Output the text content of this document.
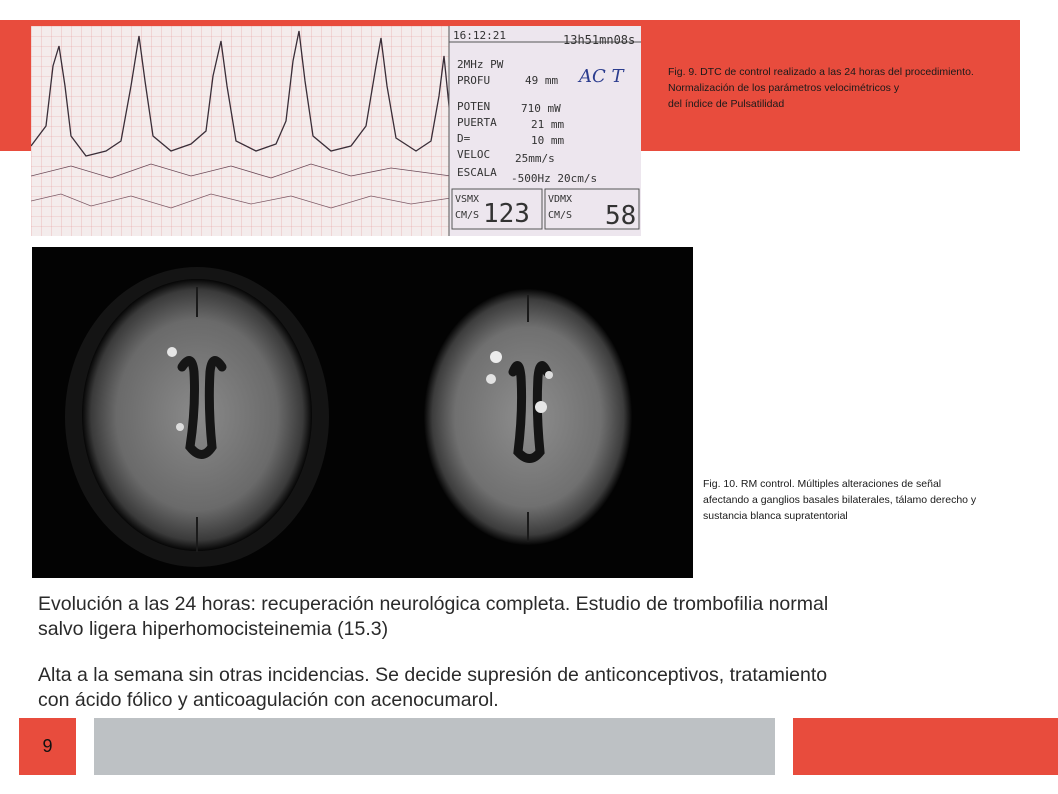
16:12:21	13h51mn08s
2MHz PW
PROFU	49 mm AC T
POTEN	710 mW
PUERTA	21 mm
D=	10 mm
VELOC 25mm/s
ESCALA -500Hz 20cm/s
VSMX
CM/S 123 VDMX
CM/S 58
Fig. 9. DTC de control realizado a las 24 horas del procedimiento.
Normalización de los parámetros velocimétricos y
del índice de Pulsatilidad
Fig. 10. RM control. Múltiples alteraciones de señal
afectando a ganglios basales bilaterales, tálamo derecho y
sustancia blanca supratentorial
Evolución a las 24 horas: recuperación neurológica completa. Estudio de trombofilia normal
salvo ligera hiperhomocisteinemia (15.3)
Alta a la semana sin otras incidencias. Se decide supresión de anticonceptivos, tratamiento
con ácido fólico y anticoagulación con acenocumarol.
9
